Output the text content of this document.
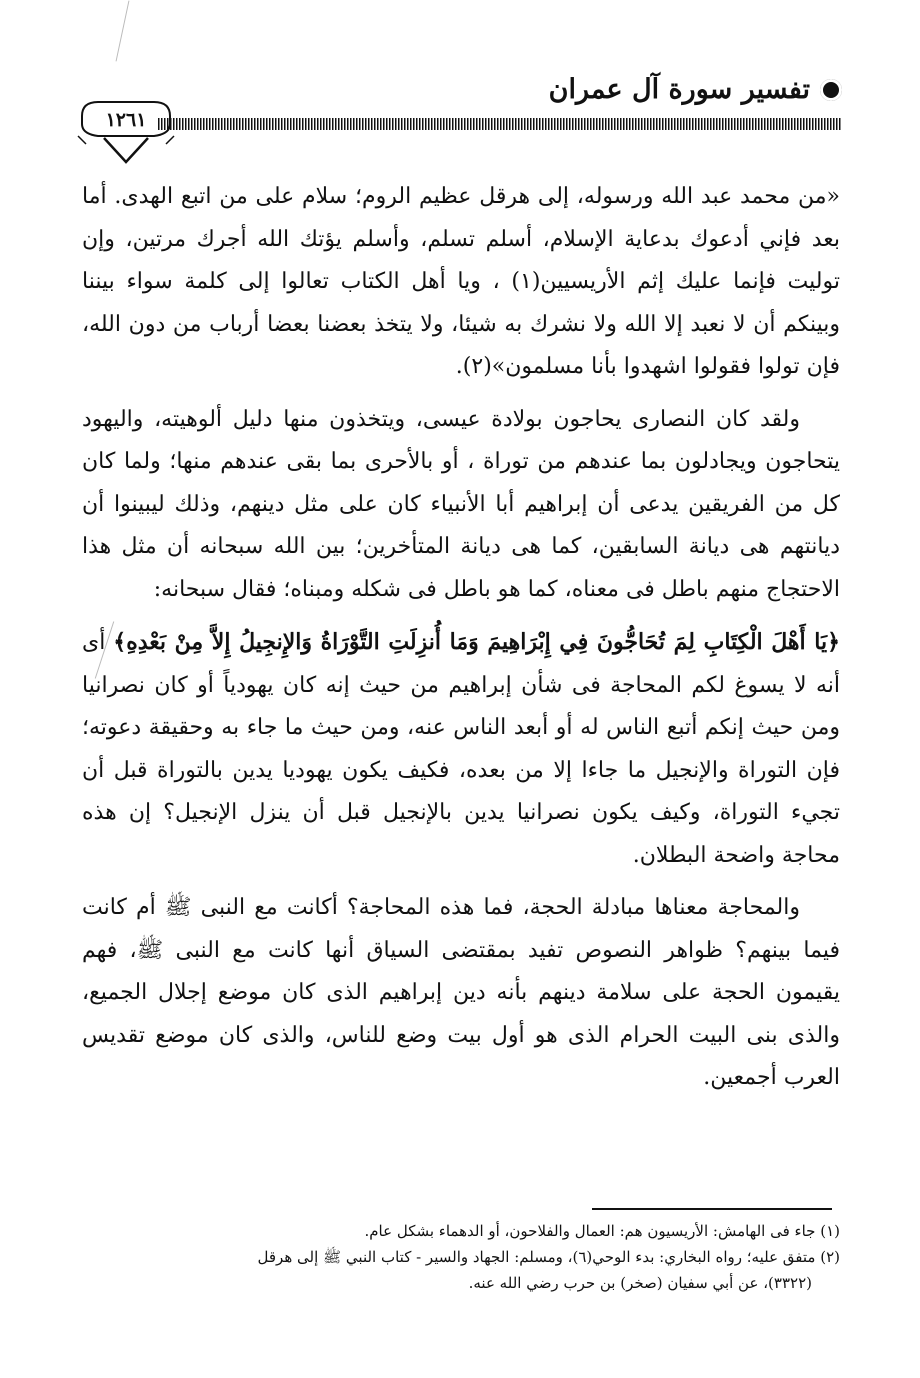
تفسير سورة آل عمران
١٢٦١

«من محمد عبد الله ورسوله، إلى هرقل عظيم الروم؛ سلام على من اتبع الهدى. أما بعد فإني أدعوك بدعاية الإسلام، أسلم تسلم، وأسلم يؤتك الله أجرك مرتين، وإن توليت فإنما عليك إثم الأريسيين(١) ، ويا أهل الكتاب تعالوا إلى كلمة سواء بيننا وبينكم أن لا نعبد إلا الله ولا نشرك به شيئا، ولا يتخذ بعضنا بعضا أرباب من دون الله، فإن تولوا فقولوا اشهدوا بأنا مسلمون»(٢).

ولقد كان النصارى يحاجون بولادة عيسى، ويتخذون منها دليل ألوهيته، واليهود يتحاجون ويجادلون بما عندهم من توراة ، أو بالأحرى بما بقى عندهم منها؛ ولما كان كل من الفريقين يدعى أن إبراهيم أبا الأنبياء كان على مثل دينهم، وذلك ليبينوا أن ديانتهم هى ديانة السابقين، كما هى ديانة المتأخرين؛ بين الله سبحانه أن مثل هذا الاحتجاج منهم باطل فى معناه، كما هو باطل فى شكله ومبناه؛ فقال سبحانه:

﴿يَا أَهْلَ الْكِتَابِ لِمَ تُحَاجُّونَ فِي إِبْرَاهِيمَ وَمَا أُنزِلَتِ التَّوْرَاةُ وَالإِنجِيلُ إِلاَّ مِنْ بَعْدِهِ﴾ أى أنه لا يسوغ لكم المحاجة فى شأن إبراهيم من حيث إنه كان يهودياً أو كان نصرانيا ومن حيث إنكم أتبع الناس له أو أبعد الناس عنه، ومن حيث ما جاء به وحقيقة دعوته؛ فإن التوراة والإنجيل ما جاءا إلا من بعده، فكيف يكون يهوديا يدين بالتوراة قبل أن تجيء التوراة، وكيف يكون نصرانيا يدين بالإنجيل قبل أن ينزل الإنجيل؟ إن هذه محاجة واضحة البطلان.

والمحاجة معناها مبادلة الحجة، فما هذه المحاجة؟ أكانت مع النبى ﷺ أم كانت فيما بينهم؟ ظواهر النصوص تفيد بمقتضى السياق أنها كانت مع النبى ﷺ، فهم يقيمون الحجة على سلامة دينهم بأنه دين إبراهيم الذى كان موضع إجلال الجميع، والذى بنى البيت الحرام الذى هو أول بيت وضع للناس، والذى كان موضع تقديس العرب أجمعين.

(١) جاء فى الهامش: الأريسيون هم: العمال والفلاحون، أو الدهماء بشكل عام.

(٢) متفق عليه؛ رواه البخاري: بدء الوحي(٦)، ومسلم: الجهاد والسير - كتاب النبي ﷺ إلى هرقل

(٣٣٢٢)، عن أبي سفيان (صخر) بن حرب رضي الله عنه.
